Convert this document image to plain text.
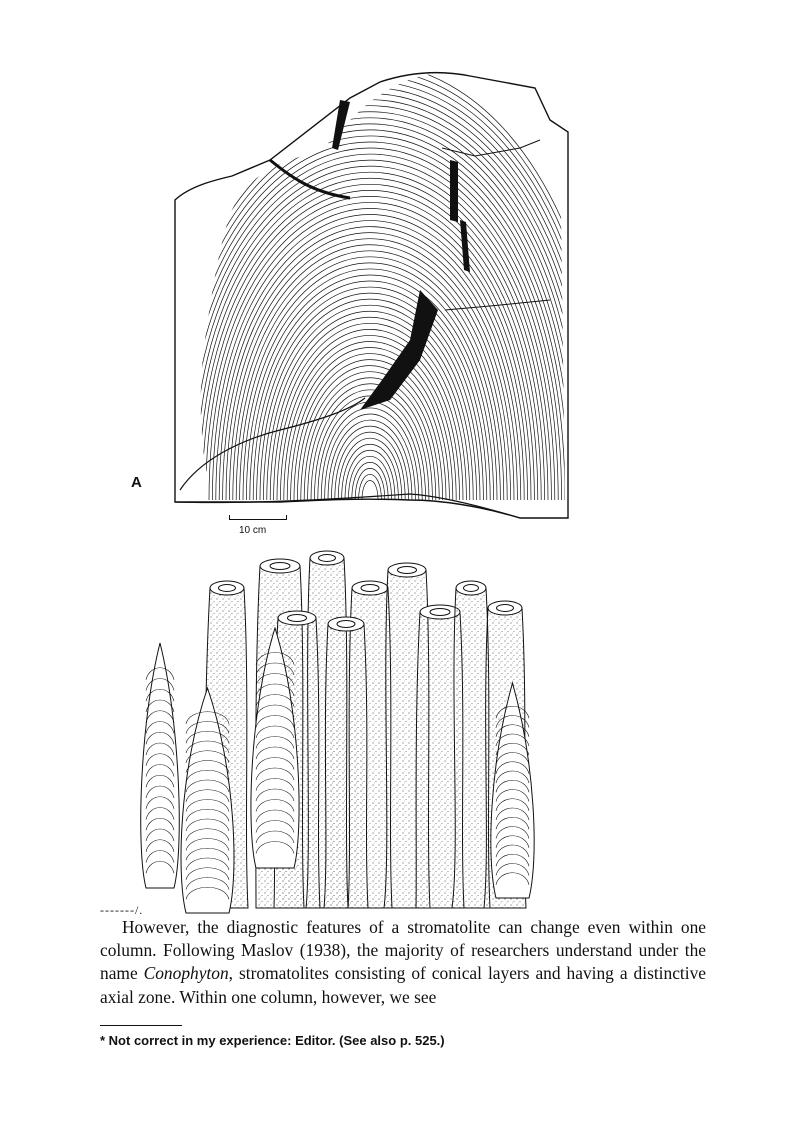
A
10 cm
-------/.

However, the diagnostic features of a stromatolite can change even within one column. Following Maslov (1938), the majority of researchers understand under the name Conophyton, stromatolites consisting of conical layers and having a distinctive axial zone. Within one column, however, we see

* Not correct in my experience: Editor. (See also p. 525.)
